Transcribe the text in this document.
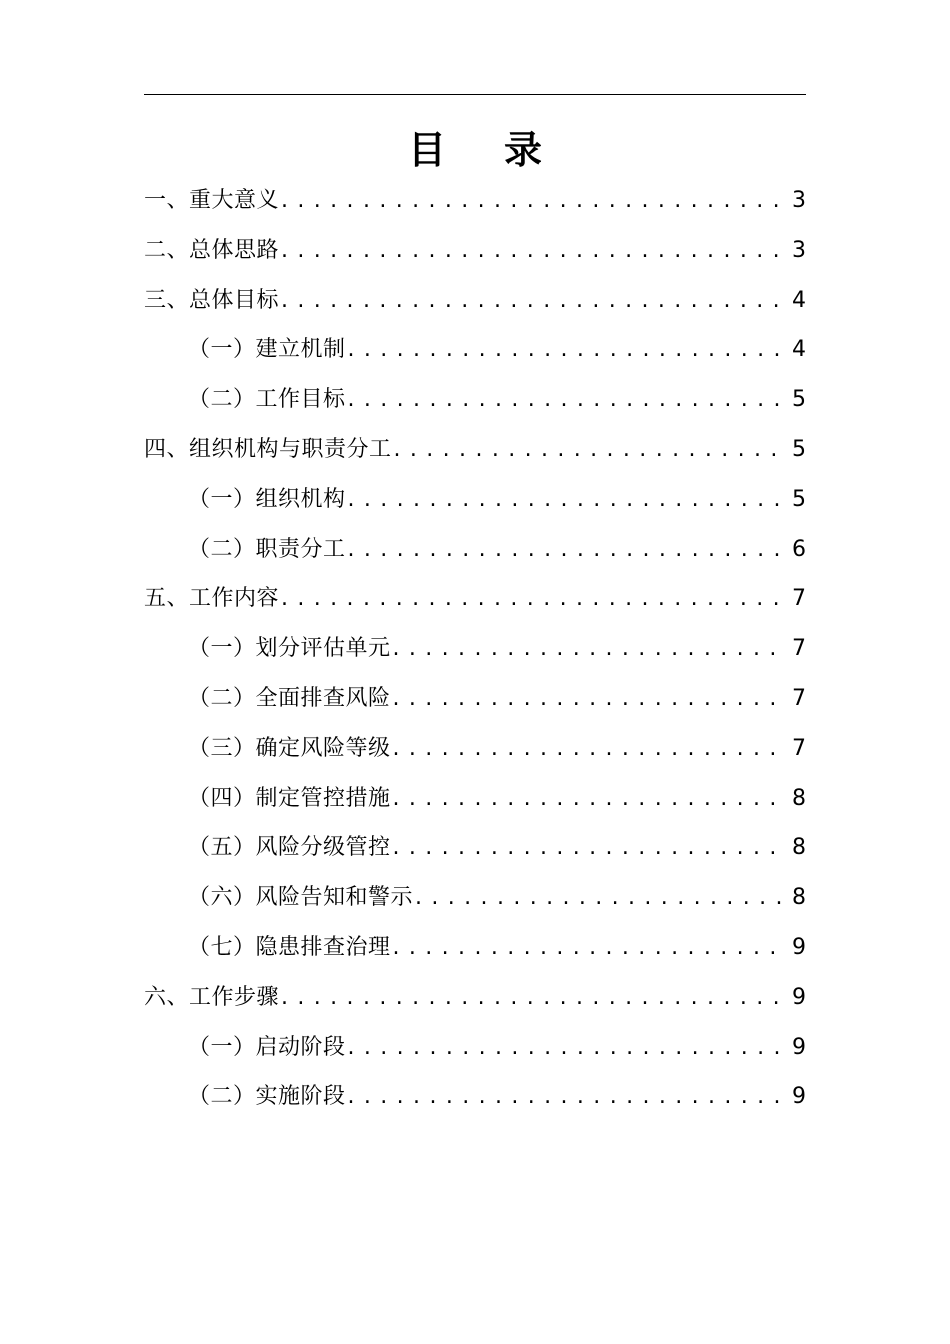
目 录
一、重大意义 . . .	3
二、总体思路 . . .	3
三、总体目标 . . .	4
（一）建立机制 . . .	4
（二）工作目标 . . .	5
四、组织机构与职责分工 . . .	5
（一）组织机构 . . .	5
（二）职责分工 . . .	6
五、工作内容 . . .	7
（一）划分评估单元 . . .	7
（二）全面排查风险 . . .	7
（三）确定风险等级 . . .	7
（四）制定管控措施 . . .	8
（五）风险分级管控 . . .	8
（六）风险告知和警示 . . .	8
（七）隐患排查治理 . . .	9
六、工作步骤 . . .	9
（一）启动阶段 . . .	9
（二）实施阶段 . . .	9
